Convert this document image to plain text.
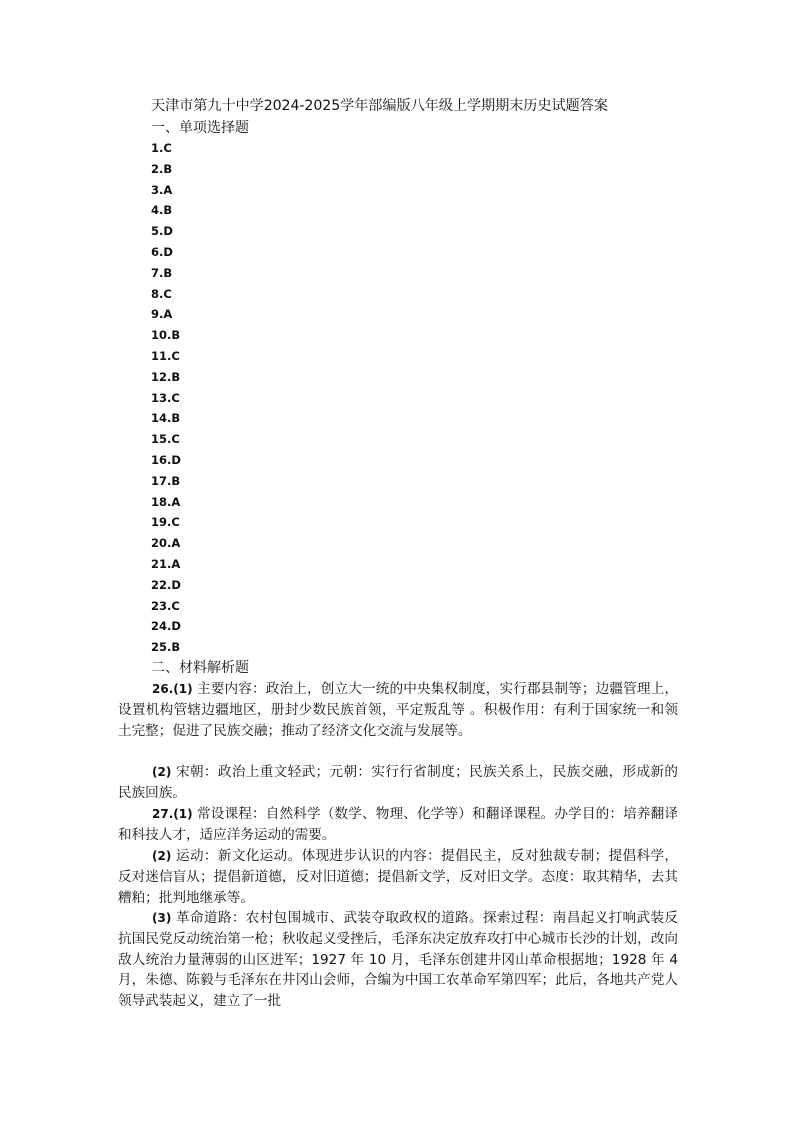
天津市第九十中学2024-2025学年部编版八年级上学期期末历史试题答案
一、单项选择题
1.C
2.B
3.A
4.B
5.D
6.D
7.B
8.C
9.A
10.B
11.C
12.B
13.C
14.B
15.C
16.D
17.B
18.A
19.C
20.A
21.A
22.D
23.C
24.D
25.B
二、材料解析题

26.(1) 主要内容：政治上，创立大一统的中央集权制度，实行郡县制等；边疆管理上，设置机构管辖边疆地区，册封少数民族首领，平定叛乱等 。积极作用：有利于国家统一和领土完整；促进了民族交融；推动了经济文化交流与发展等。

(2) 宋朝：政治上重文轻武；元朝：实行行省制度；民族关系上，民族交融，形成新的民族回族。

27.(1) 常设课程：自然科学（数学、物理、化学等）和翻译课程。办学目的：培养翻译和科技人才，适应洋务运动的需要。

(2) 运动：新文化运动。体现进步认识的内容：提倡民主，反对独裁专制；提倡科学，反对迷信盲从；提倡新道德，反对旧道德；提倡新文学，反对旧文学。态度：取其精华，去其糟粕；批判地继承等。

(3) 革命道路：农村包围城市、武装夺取政权的道路。探索过程：南昌起义打响武装反抗国民党反动统治第一枪；秋收起义受挫后，毛泽东决定放弃攻打中心城市长沙的计划，改向敌人统治力量薄弱的山区进军；1927 年 10 月，毛泽东创建井冈山革命根据地；1928 年 4 月，朱德、陈毅与毛泽东在井冈山会师，合编为中国工农革命军第四军；此后，各地共产党人领导武装起义，建立了一批
